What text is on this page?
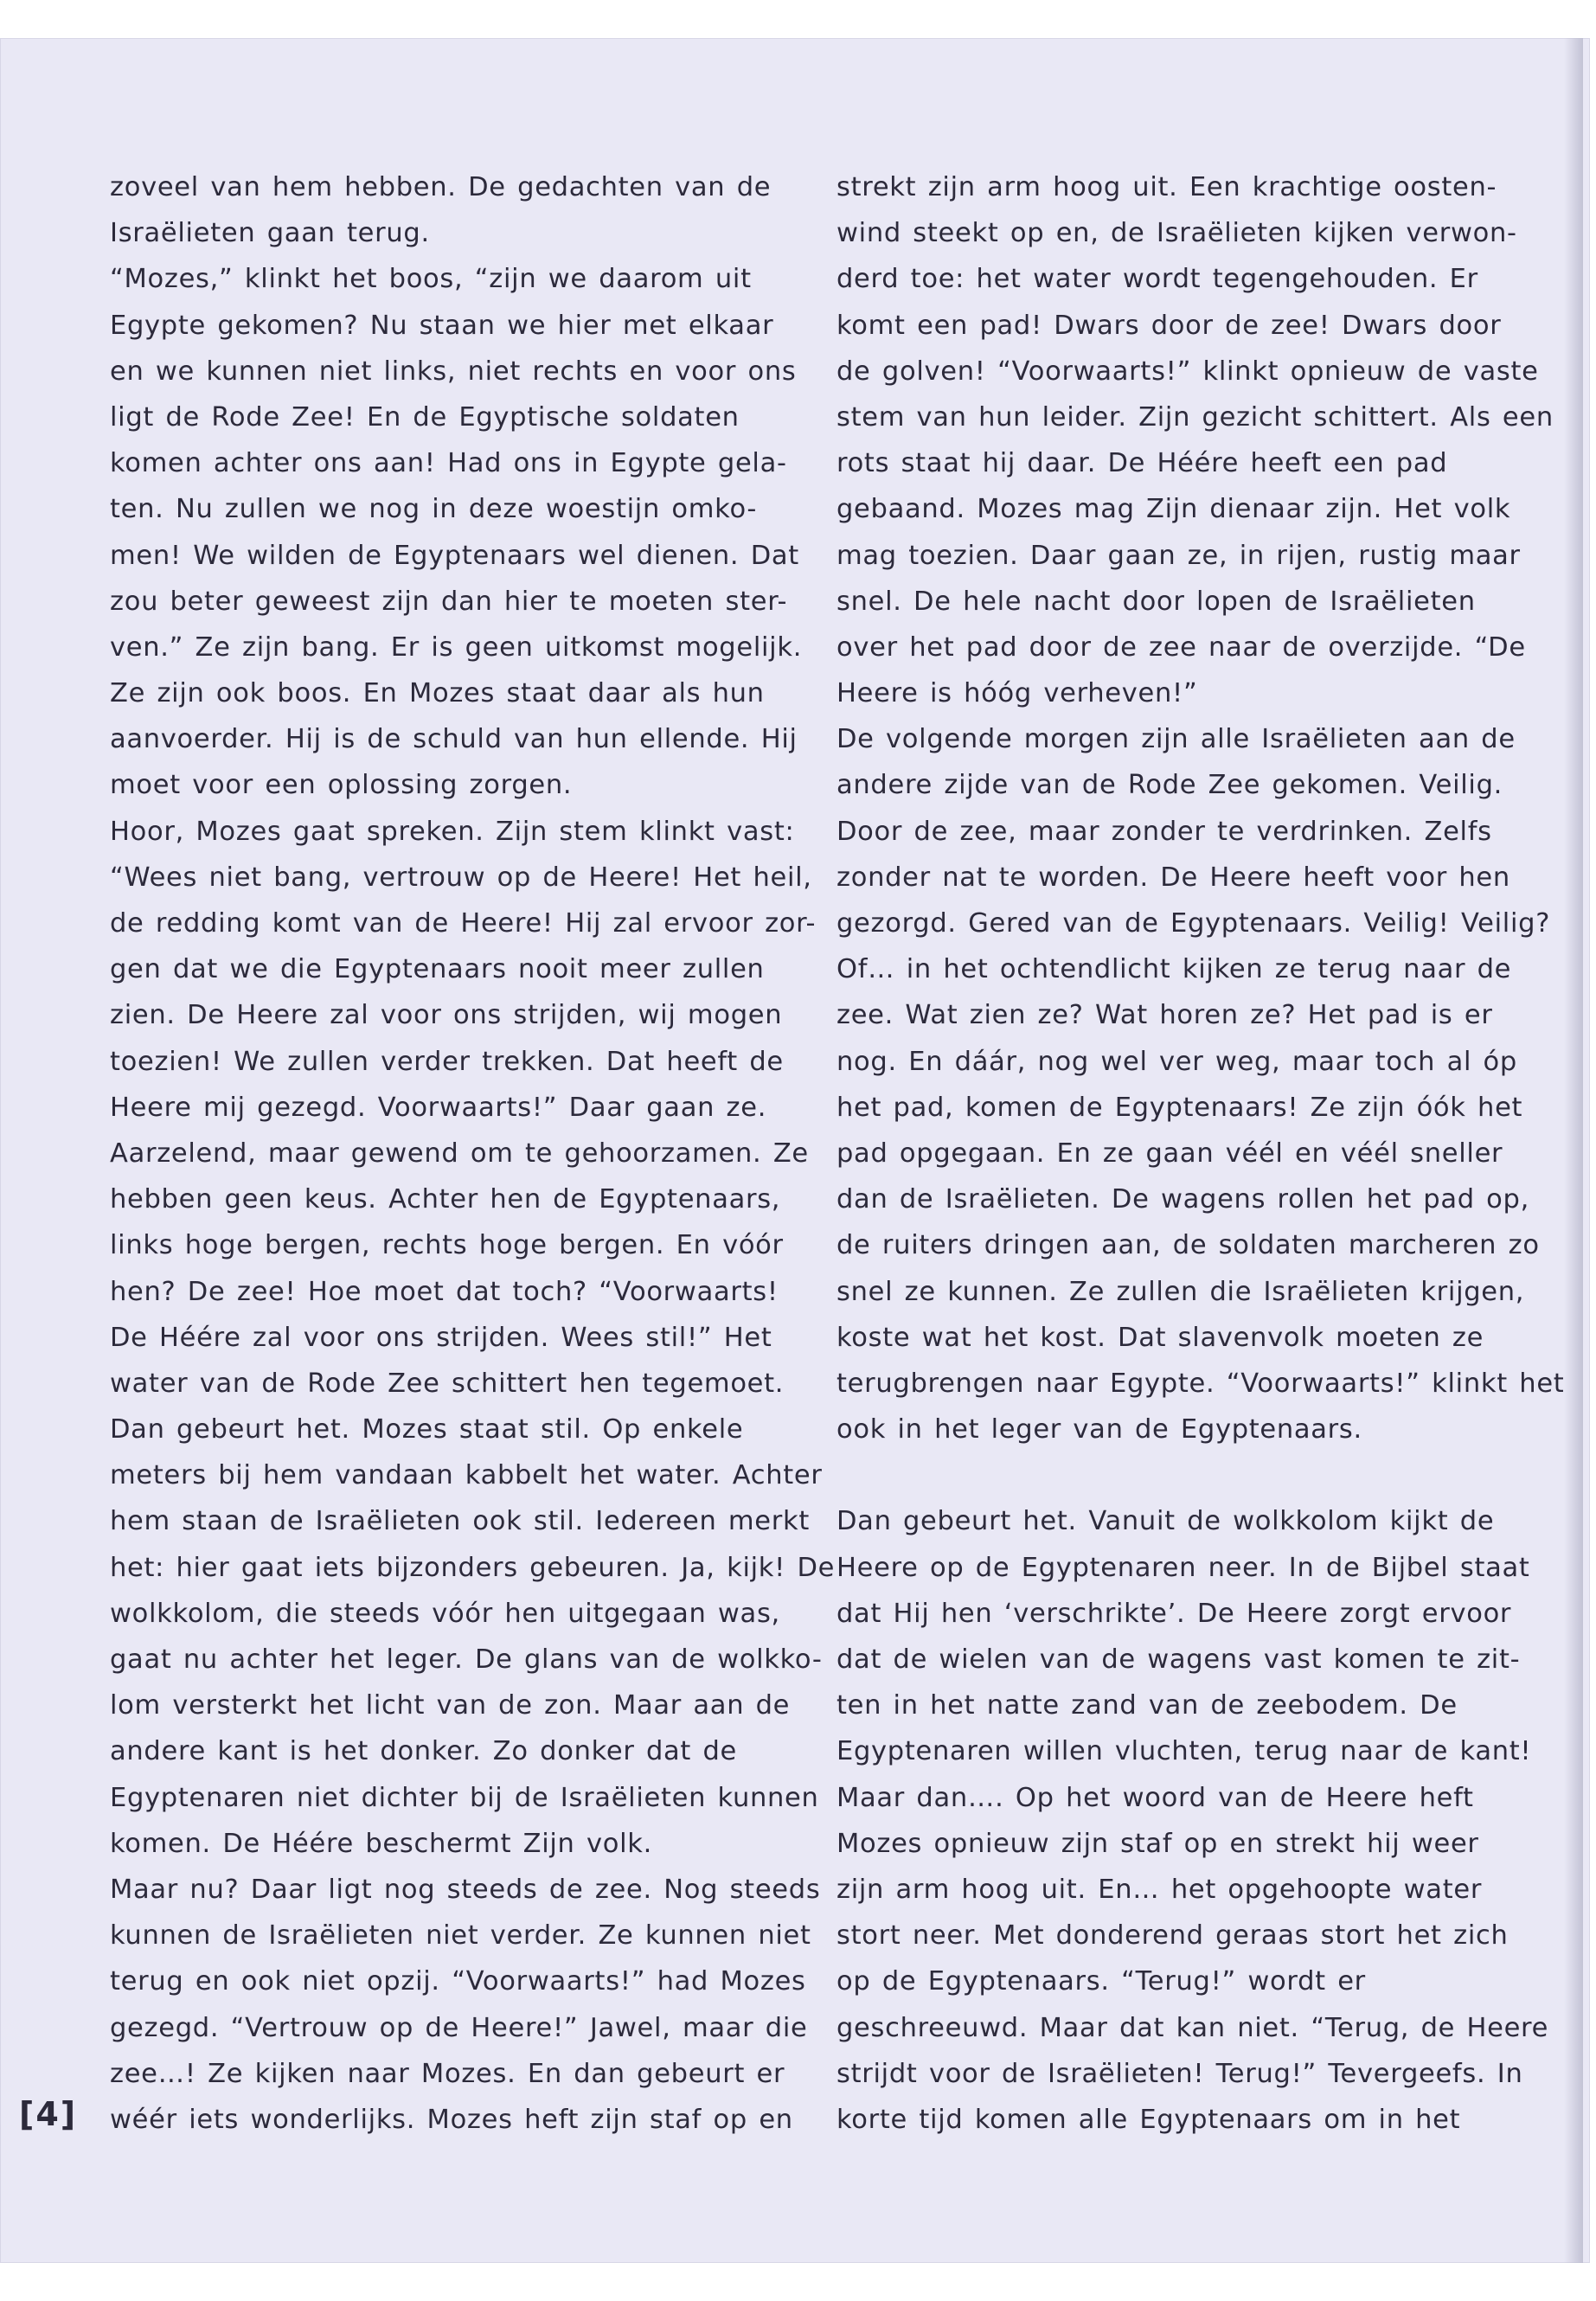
zoveel van hem hebben. De gedachten van de
Israëlieten gaan terug.
“Mozes,” klinkt het boos, “zijn we daarom uit
Egypte gekomen? Nu staan we hier met elkaar
en we kunnen niet links, niet rechts en voor ons
ligt de Rode Zee! En de Egyptische soldaten
komen achter ons aan! Had ons in Egypte gela-
ten. Nu zullen we nog in deze woestijn omko-
men! We wilden de Egyptenaars wel dienen. Dat
zou beter geweest zijn dan hier te moeten ster-
ven.” Ze zijn bang. Er is geen uitkomst mogelijk.
Ze zijn ook boos. En Mozes staat daar als hun
aanvoerder. Hij is de schuld van hun ellende. Hij
moet voor een oplossing zorgen.
Hoor, Mozes gaat spreken. Zijn stem klinkt vast:
“Wees niet bang, vertrouw op de Heere! Het heil,
de redding komt van de Heere! Hij zal ervoor zor-
gen dat we die Egyptenaars nooit meer zullen
zien. De Heere zal voor ons strijden, wij mogen
toezien! We zullen verder trekken. Dat heeft de
Heere mij gezegd. Voorwaarts!” Daar gaan ze.
Aarzelend, maar gewend om te gehoorzamen. Ze
hebben geen keus. Achter hen de Egyptenaars,
links hoge bergen, rechts hoge bergen. En vóór
hen? De zee! Hoe moet dat toch? “Voorwaarts!
De Héére zal voor ons strijden. Wees stil!” Het
water van de Rode Zee schittert hen tegemoet.
Dan gebeurt het. Mozes staat stil. Op enkele
meters bij hem vandaan kabbelt het water. Achter
hem staan de Israëlieten ook stil. Iedereen merkt
het: hier gaat iets bijzonders gebeuren. Ja, kijk! De
wolkkolom, die steeds vóór hen uitgegaan was,
gaat nu achter het leger. De glans van de wolkko-
lom versterkt het licht van de zon. Maar aan de
andere kant is het donker. Zo donker dat de
Egyptenaren niet dichter bij de Israëlieten kunnen
komen. De Héére beschermt Zijn volk.
Maar nu? Daar ligt nog steeds de zee. Nog steeds
kunnen de Israëlieten niet verder. Ze kunnen niet
terug en ook niet opzij. “Voorwaarts!” had Mozes
gezegd. “Vertrouw op de Heere!” Jawel, maar die
zee…! Ze kijken naar Mozes. En dan gebeurt er
wéér iets wonderlijks. Mozes heft zijn staf op en
strekt zijn arm hoog uit. Een krachtige oosten-
wind steekt op en, de Israëlieten kijken verwon-
derd toe: het water wordt tegengehouden. Er
komt een pad! Dwars door de zee! Dwars door
de golven! “Voorwaarts!” klinkt opnieuw de vaste
stem van hun leider. Zijn gezicht schittert. Als een
rots staat hij daar. De Héére heeft een pad
gebaand. Mozes mag Zijn dienaar zijn. Het volk
mag toezien. Daar gaan ze, in rijen, rustig maar
snel. De hele nacht door lopen de Israëlieten
over het pad door de zee naar de overzijde. “De
Heere is hóóg verheven!”
De volgende morgen zijn alle Israëlieten aan de
andere zijde van de Rode Zee gekomen. Veilig.
Door de zee, maar zonder te verdrinken. Zelfs
zonder nat te worden. De Heere heeft voor hen
gezorgd. Gered van de Egyptenaars. Veilig! Veilig?
Of… in het ochtendlicht kijken ze terug naar de
zee. Wat zien ze? Wat horen ze? Het pad is er
nog. En dáár, nog wel ver weg, maar toch al óp
het pad, komen de Egyptenaars! Ze zijn óók het
pad opgegaan. En ze gaan véél en véél sneller
dan de Israëlieten. De wagens rollen het pad op,
de ruiters dringen aan, de soldaten marcheren zo
snel ze kunnen. Ze zullen die Israëlieten krijgen,
koste wat het kost. Dat slavenvolk moeten ze
terugbrengen naar Egypte. “Voorwaarts!” klinkt het
ook in het leger van de Egyptenaars.
Dan gebeurt het. Vanuit de wolkkolom kijkt de
Heere op de Egyptenaren neer. In de Bijbel staat
dat Hij hen ‘verschrikte’. De Heere zorgt ervoor
dat de wielen van de wagens vast komen te zit-
ten in het natte zand van de zeebodem. De
Egyptenaren willen vluchten, terug naar de kant!
Maar dan…. Op het woord van de Heere heft
Mozes opnieuw zijn staf op en strekt hij weer
zijn arm hoog uit. En… het opgehoopte water
stort neer. Met donderend geraas stort het zich
op de Egyptenaars. “Terug!” wordt er
geschreeuwd. Maar dat kan niet. “Terug, de Heere
strijdt voor de Israëlieten! Terug!” Tevergeefs. In
korte tijd komen alle Egyptenaars om in het
[4]
